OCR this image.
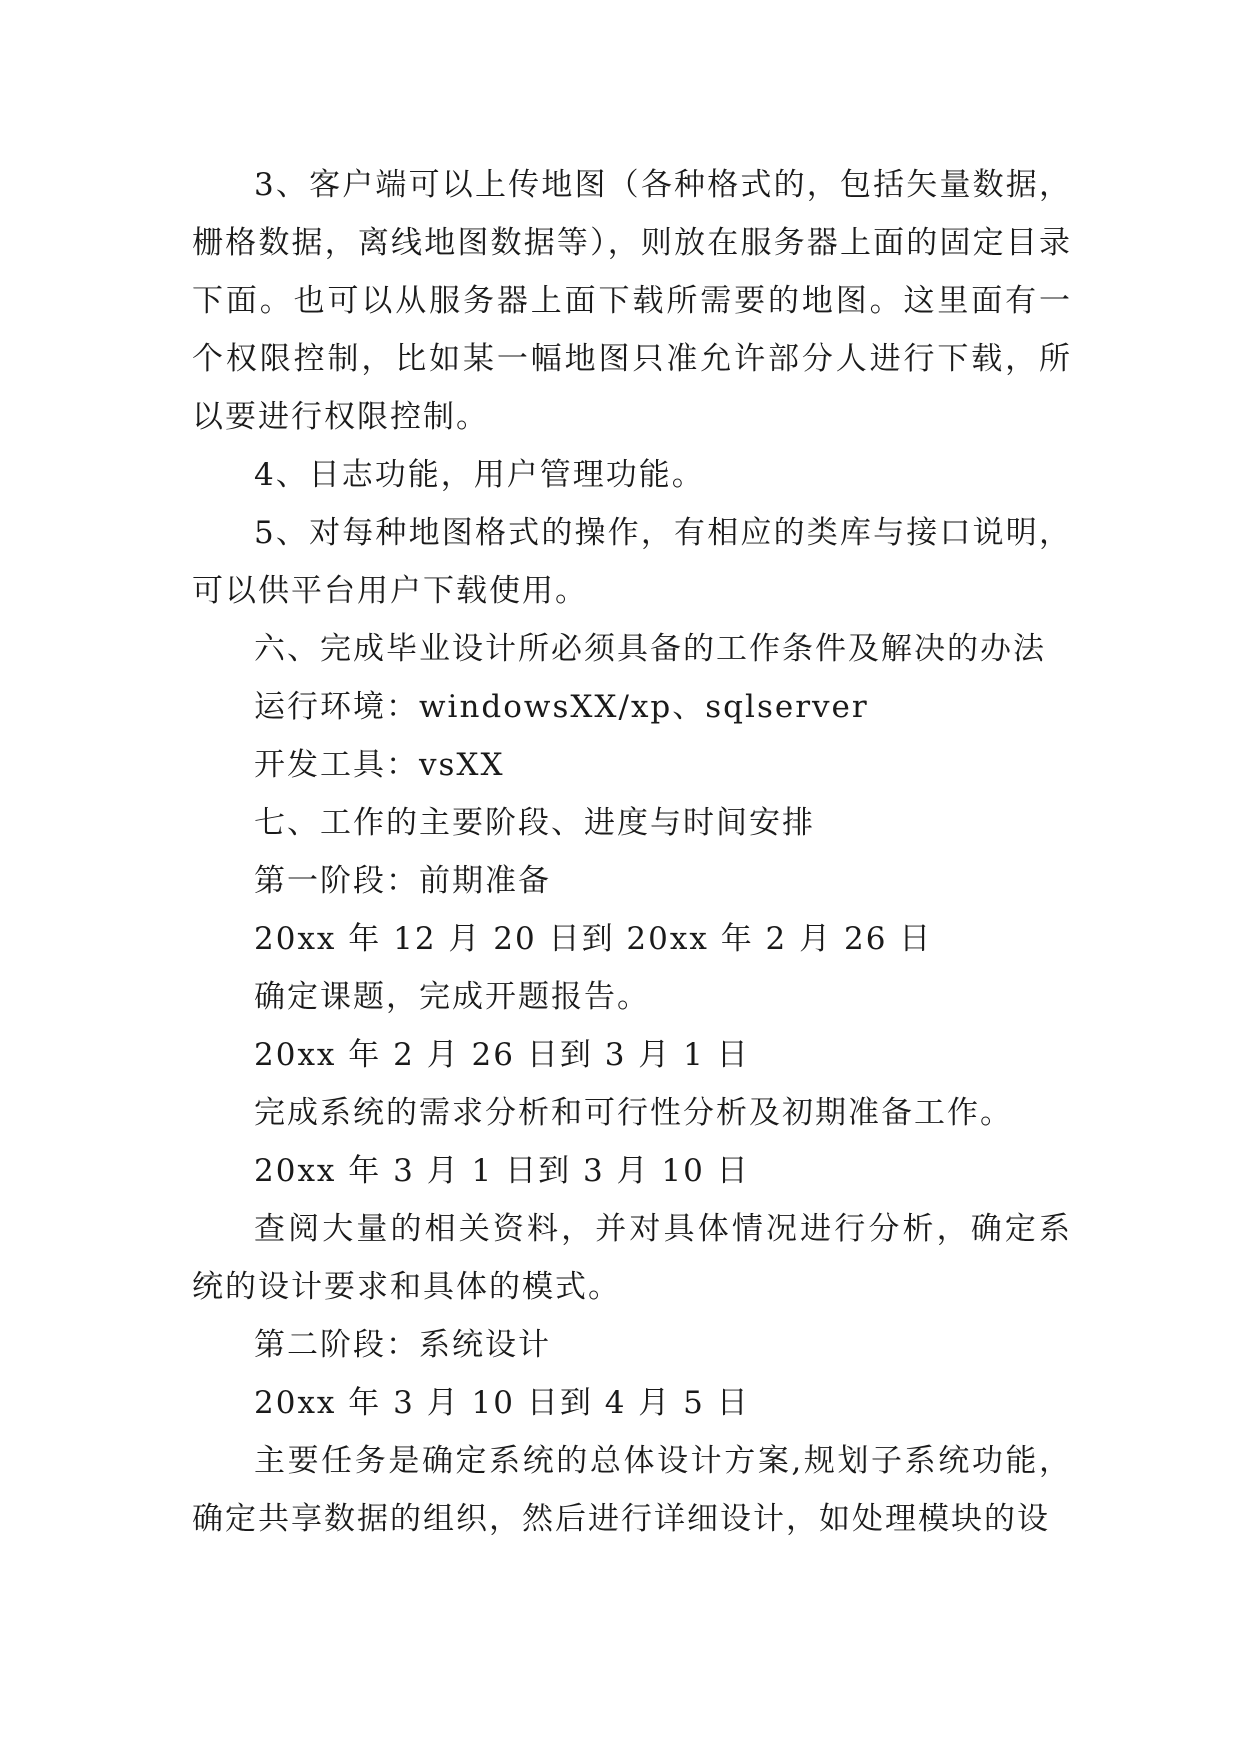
3、客户端可以上传地图（各种格式的，包括矢量数据，栅格数据，离线地图数据等），则放在服务器上面的固定目录下面。也可以从服务器上面下载所需要的地图。这里面有一个权限控制，比如某一幅地图只准允许部分人进行下载，所以要进行权限控制。

4、日志功能，用户管理功能。

5、对每种地图格式的操作，有相应的类库与接口说明，可以供平台用户下载使用。

六、完成毕业设计所必须具备的工作条件及解决的办法

运行环境：windowsXX/xp、sqlserver

开发工具：vsXX

七、工作的主要阶段、进度与时间安排

第一阶段：前期准备

20xx 年 12 月 20 日到 20xx 年 2 月 26 日

确定课题，完成开题报告。

20xx 年 2 月 26 日到 3 月 1 日

完成系统的需求分析和可行性分析及初期准备工作。

20xx 年 3 月 1 日到 3 月 10 日

查阅大量的相关资料，并对具体情况进行分析，确定系统的设计要求和具体的模式。

第二阶段：系统设计

20xx 年 3 月 10 日到 4 月 5 日

主要任务是确定系统的总体设计方案,规划子系统功能，确定共享数据的组织，然后进行详细设计，如处理模块的设
